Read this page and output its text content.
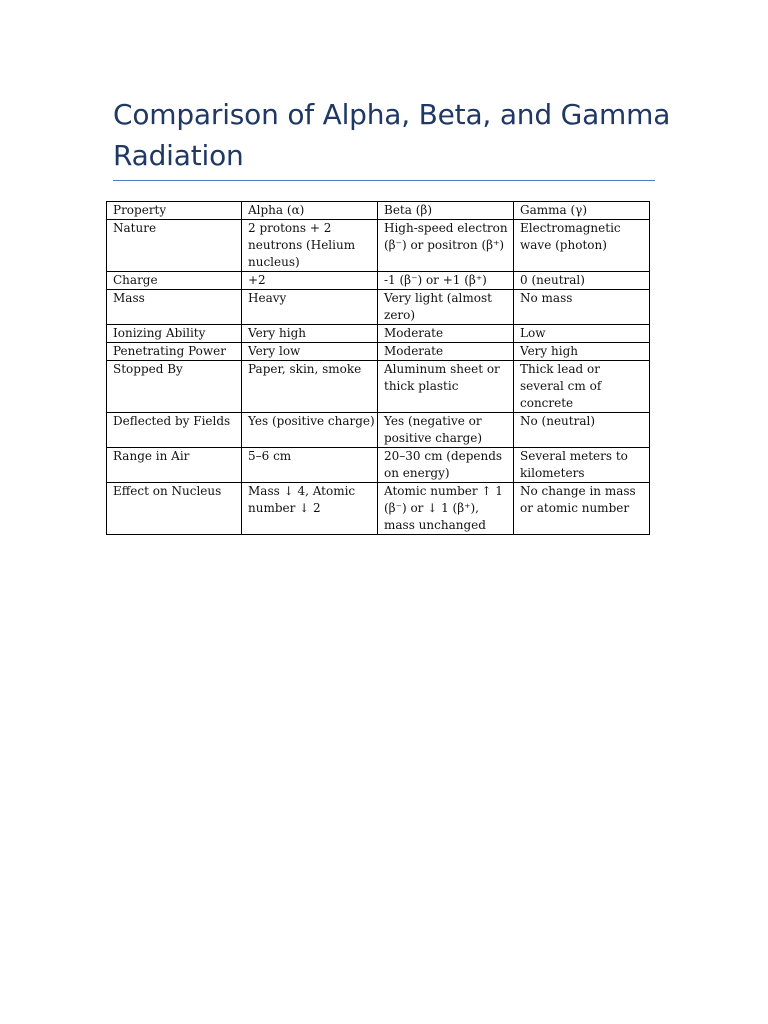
Comparison of Alpha, Beta, and Gamma Radiation
Property	Alpha (α)	Beta (β)	Gamma (γ)
Nature	2 protons + 2 neutrons (Helium nucleus)	High-speed electron (β⁻) or positron (β⁺)	Electromagnetic wave (photon)
Charge	+2	-1 (β⁻) or +1 (β⁺)	0 (neutral)
Mass	Heavy	Very light (almost zero)	No mass
Ionizing Ability	Very high	Moderate	Low
Penetrating Power	Very low	Moderate	Very high
Stopped By	Paper, skin, smoke	Aluminum sheet or thick plastic	Thick lead or several cm of concrete
Deflected by Fields	Yes (positive charge)	Yes (negative or positive charge)	No (neutral)
Range in Air	5–6 cm	20–30 cm (depends on energy)	Several meters to kilometers
Effect on Nucleus	Mass ↓ 4, Atomic number ↓ 2	Atomic number ↑ 1 (β⁻) or ↓ 1 (β⁺), mass unchanged	No change in mass or atomic number
